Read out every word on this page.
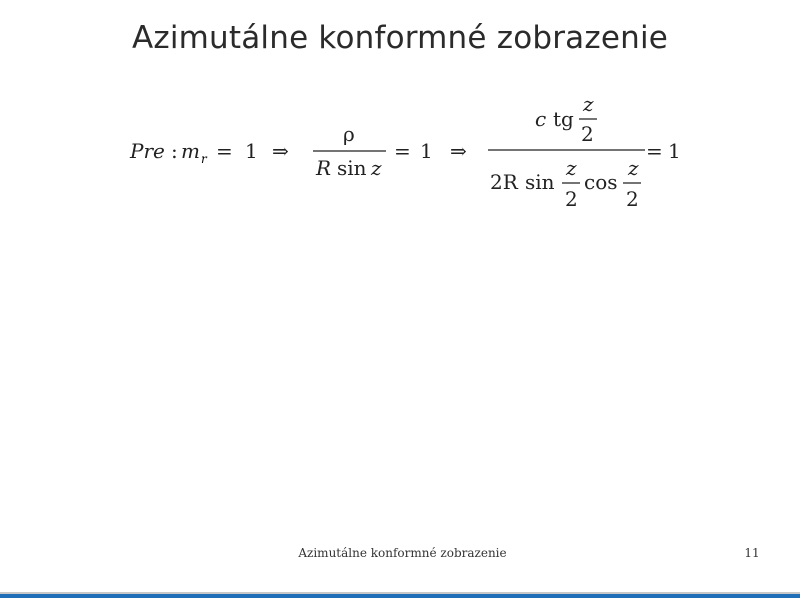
Azimutálne konformné zobrazenie
Pre : m r = 1 ⇒
ρ
R sin z
= 1 ⇒
c tg
z
2
2R sin
z
2
cos
z
2
= 1
Azimutálne konformné zobrazenie	11
